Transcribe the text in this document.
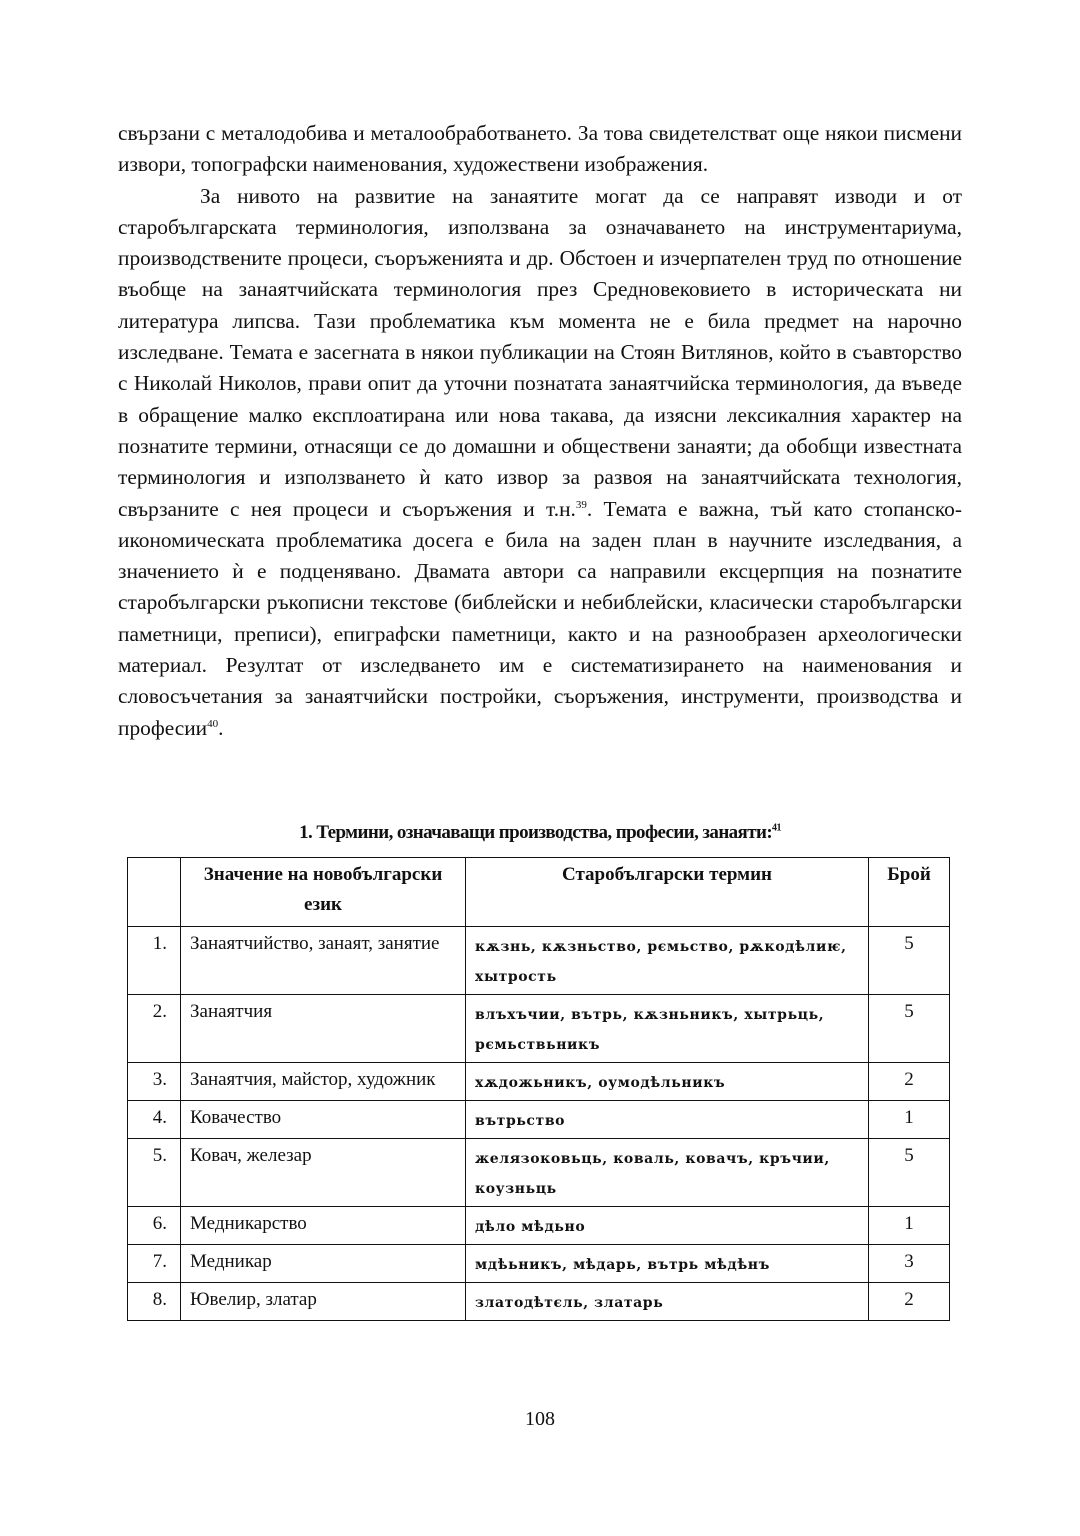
свързани с металодобива и металообработването. За това свидетелстват още някои писмени извори, топографски наименования, художествени изображения.

За нивото на развитие на занаятите могат да се направят изводи и от старобългарската терминология, използвана за означаването на инструментариума, производствените процеси, съоръженията и др. Обстоен и изчерпателен труд по отношение въобще на занаятчийската терминология през Средновековието в историческата ни литература липсва. Тази проблематика към момента не е била предмет на нарочно изследване. Темата е засегната в някои публикации на Стоян Витлянов, който в съавторство с Николай Николов, прави опит да уточни познатата занаятчийска терминология, да въведе в обращение малко експлоатирана или нова такава, да изясни лексикалния характер на познатите термини, отнасящи се до домашни и обществени занаяти; да обобщи известната терминология и използването ѝ като извор за развоя на занаятчийската технология, свързаните с нея процеси и съоръжения и т.н.$^{39}$. Темата е важна, тъй като стопанско-икономическата проблематика досега е била на заден план в научните изследвания, а значението ѝ е подценявано. Двамата автори са направили ексцерпция на познатите старобългарски ръкописни текстове (библейски и небиблейски, класически старобългарски паметници, преписи), епиграфски паметници, както и на разнообразен археологически материал. Резултат от изследването им е систематизирането на наименования и словосъчетания за занаятчийски постройки, съоръжения, инструменти, производства и професии$^{40}$.

1. Термини, означаващи производства, професии, занаяти:$^{41}$
	Значение на новобългарски език	Старобългарски термин	Брой
1.	Занаятчийство, занаят, занятие	кѫзнь, кѫзньство, рємьство, рѫкодѣлиѥ, хытрость	5
2.	Занаятчия	влъхъчии, вътрь, кѫзньникъ, хытрьць, рємьствьникъ	5
3.	Занаятчия, майстор, художник	хѫдожьникъ, оумодѣльникъ	2
4.	Ковачество	вътрьство	1
5.	Ковач, железар	желязоковьць, коваль, ковачъ, кръчии, коузньць	5
6.	Медникарство	дѣло мѣдьно	1
7.	Медникар	мдѣьникъ, мѣдарь, вътрь мѣдѣнъ	3
8.	Ювелир, златар	златодѣтєль, златарь	2
108
